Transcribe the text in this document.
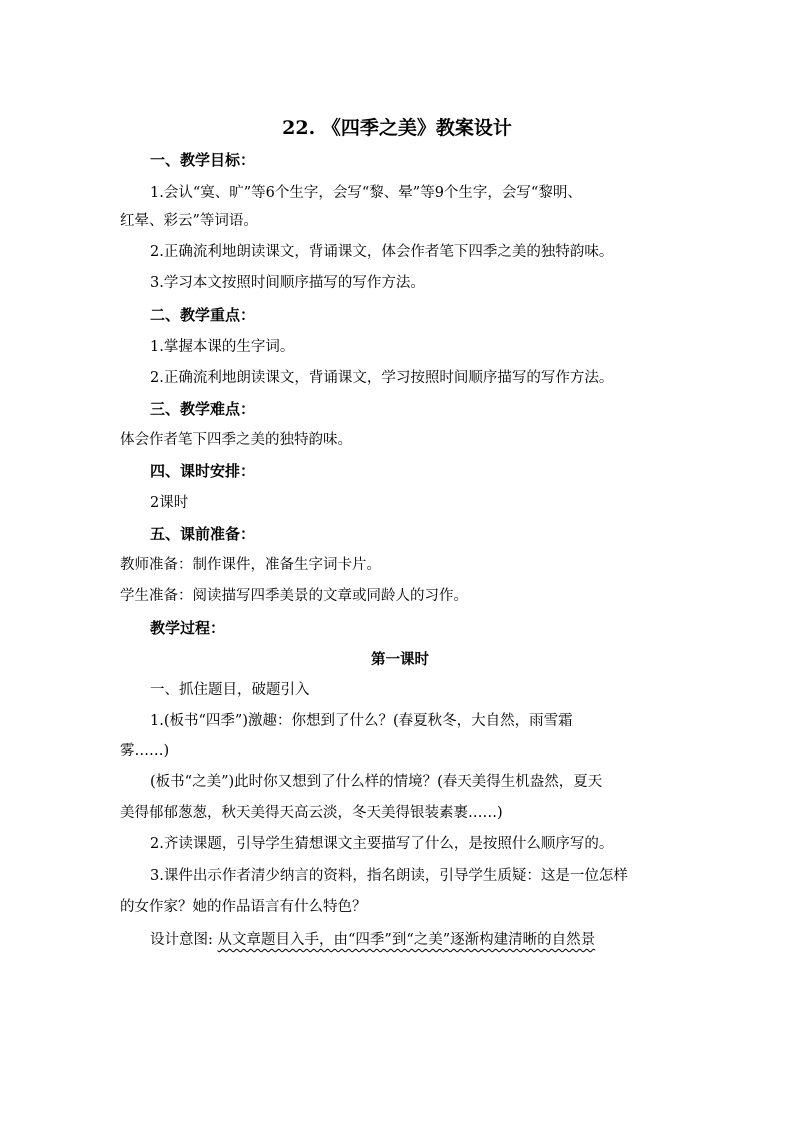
22. 《四季之美》教案设计
一、教学目标：
1.会认“寞、旷”等6个生字，会写“黎、晕”等9个生字，会写“黎明、
红晕、彩云”等词语。
2.正确流利地朗读课文，背诵课文，体会作者笔下四季之美的独特韵味。
3.学习本文按照时间顺序描写的写作方法。
二、教学重点：
1.掌握本课的生字词。
2.正确流利地朗读课文，背诵课文，学习按照时间顺序描写的写作方法。
三、教学难点：
体会作者笔下四季之美的独特韵味。
四、课时安排：
2课时
五、课前准备：
教师准备：制作课件，准备生字词卡片。
学生准备：阅读描写四季美景的文章或同龄人的习作。
教学过程：
第一课时
一、抓住题目，破题引入
1.(板书“四季”)激趣：你想到了什么？(春夏秋冬，大自然，雨雪霜
雾……)
(板书“之美”)此时你又想到了什么样的情境？(春天美得生机盎然，夏天
美得郁郁葱葱，秋天美得天高云淡，冬天美得银装素裹……)
2.齐读课题，引导学生猜想课文主要描写了什么，是按照什么顺序写的。
3.课件出示作者清少纳言的资料，指名朗读，引导学生质疑：这是一位怎样
的女作家？她的作品语言有什么特色？
设计意图: 从文章题目入手，由“四季”到“之美”逐渐构建清晰的自然景
